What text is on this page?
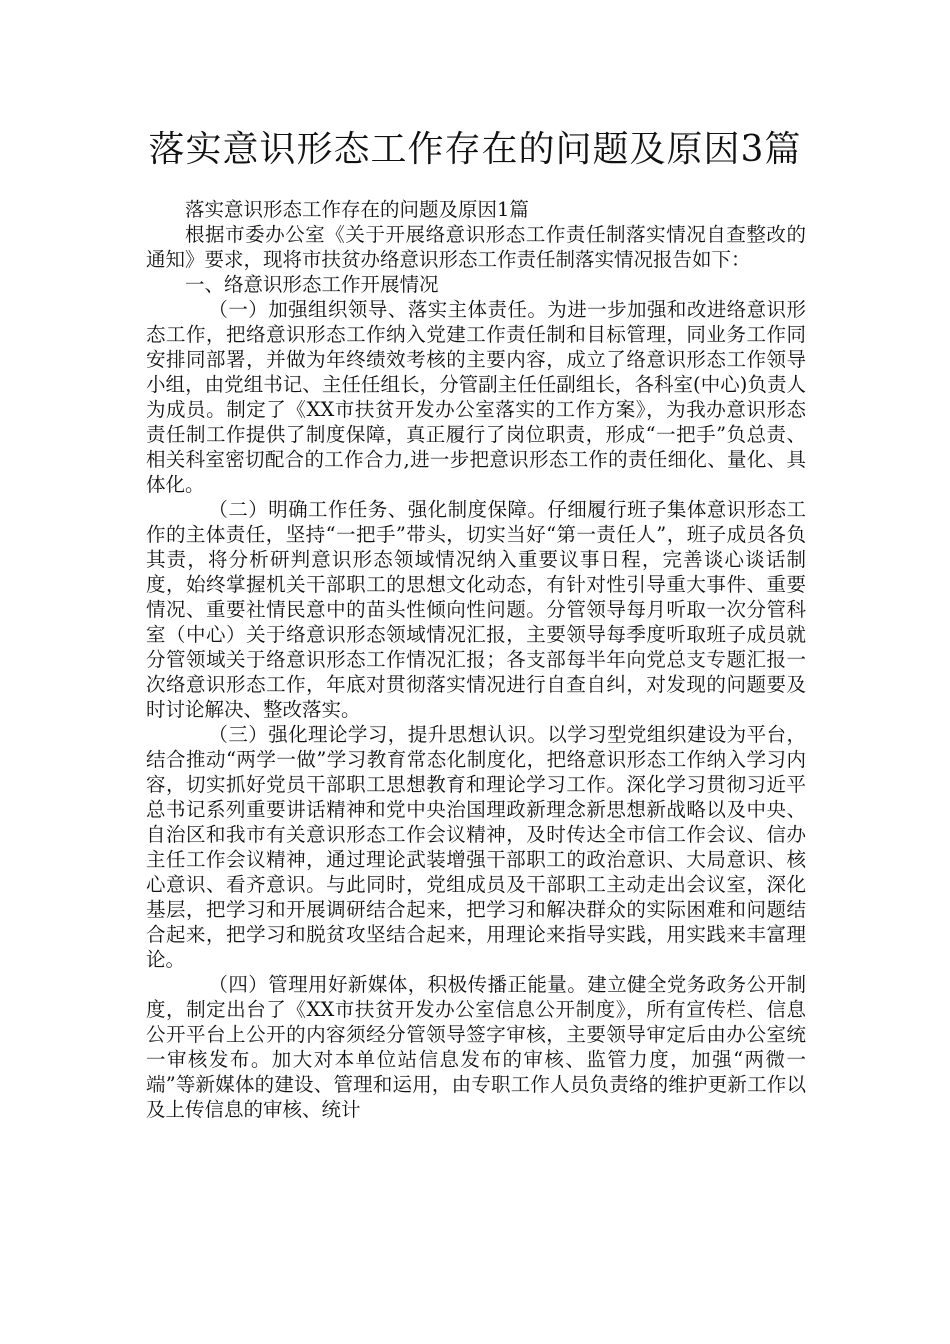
落实意识形态工作存在的问题及原因3篇

落实意识形态工作存在的问题及原因1篇

根据市委办公室《关于开展络意识形态工作责任制落实情况自查整改的通知》要求，现将市扶贫办络意识形态工作责任制落实情况报告如下：

一、络意识形态工作开展情况

（一）加强组织领导、落实主体责任。为进一步加强和改进络意识形态工作，把络意识形态工作纳入党建工作责任制和目标管理，同业务工作同安排同部署，并做为年终绩效考核的主要内容，成立了络意识形态工作领导小组，由党组书记、主任任组长，分管副主任任副组长，各科室(中心)负责人为成员。制定了《XX市扶贫开发办公室落实的工作方案》，为我办意识形态责任制工作提供了制度保障，真正履行了岗位职责，形成“一把手”负总责、相关科室密切配合的工作合力,进一步把意识形态工作的责任细化、量化、具体化。

（二）明确工作任务、强化制度保障。仔细履行班子集体意识形态工作的主体责任，坚持“一把手”带头，切实当好“第一责任人”，班子成员各负其责，将分析研判意识形态领域情况纳入重要议事日程，完善谈心谈话制度，始终掌握机关干部职工的思想文化动态，有针对性引导重大事件、重要情况、重要社情民意中的苗头性倾向性问题。分管领导每月听取一次分管科室（中心）关于络意识形态领域情况汇报，主要领导每季度听取班子成员就分管领域关于络意识形态工作情况汇报；各支部每半年向党总支专题汇报一次络意识形态工作，年底对贯彻落实情况进行自查自纠，对发现的问题要及时讨论解决、整改落实。

（三）强化理论学习，提升思想认识。以学习型党组织建设为平台，结合推动“两学一做”学习教育常态化制度化，把络意识形态工作纳入学习内容，切实抓好党员干部职工思想教育和理论学习工作。深化学习贯彻习近平总书记系列重要讲话精神和党中央治国理政新理念新思想新战略以及中央、自治区和我市有关意识形态工作会议精神，及时传达全市信工作会议、信办主任工作会议精神，通过理论武装增强干部职工的政治意识、大局意识、核心意识、看齐意识。与此同时，党组成员及干部职工主动走出会议室，深化基层，把学习和开展调研结合起来，把学习和解决群众的实际困难和问题结合起来，把学习和脱贫攻坚结合起来，用理论来指导实践，用实践来丰富理论。

（四）管理用好新媒体，积极传播正能量。建立健全党务政务公开制度，制定出台了《XX市扶贫开发办公室信息公开制度》，所有宣传栏、信息公开平台上公开的内容须经分管领导签字审核，主要领导审定后由办公室统一审核发布。加大对本单位站信息发布的审核、监管力度，加强“两微一端”等新媒体的建设、管理和运用，由专职工作人员负责络的维护更新工作以及上传信息的审核、统计
